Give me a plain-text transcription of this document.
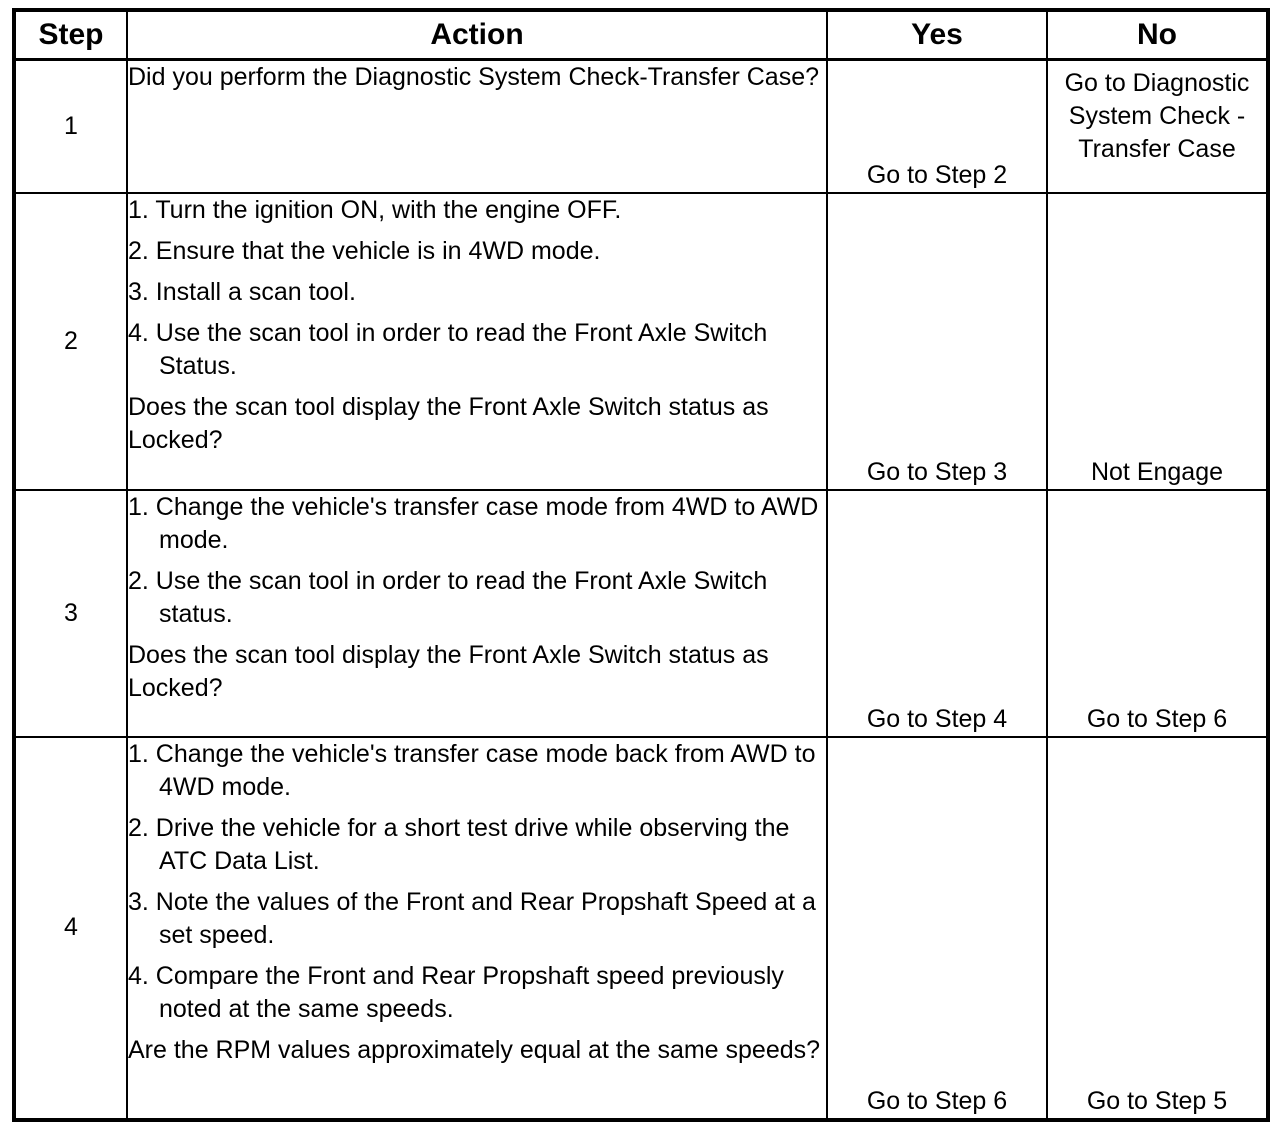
Step	Action	Yes	No
1	Did you perform the Diagnostic System Check-Transfer Case?	Go to Step 2	Go to Diagnostic System Check - Transfer Case
2	1. Turn the ignition ON, with the engine OFF.
2. Ensure that the vehicle is in 4WD mode.
3. Install a scan tool.
4. Use the scan tool in order to read the Front Axle Switch Status.

Does the scan tool display the Front Axle Switch status as Locked?	Go to Step 3	Not Engage
3	1. Change the vehicle's transfer case mode from 4WD to AWD mode.
2. Use the scan tool in order to read the Front Axle Switch status.

Does the scan tool display the Front Axle Switch status as Locked?	Go to Step 4	Go to Step 6
4	1. Change the vehicle's transfer case mode back from AWD to 4WD mode.
2. Drive the vehicle for a short test drive while observing the ATC Data List.
3. Note the values of the Front and Rear Propshaft Speed at a set speed.
4. Compare the Front and Rear Propshaft speed previously noted at the same speeds.

Are the RPM values approximately equal at the same speeds?	Go to Step 6	Go to Step 5
